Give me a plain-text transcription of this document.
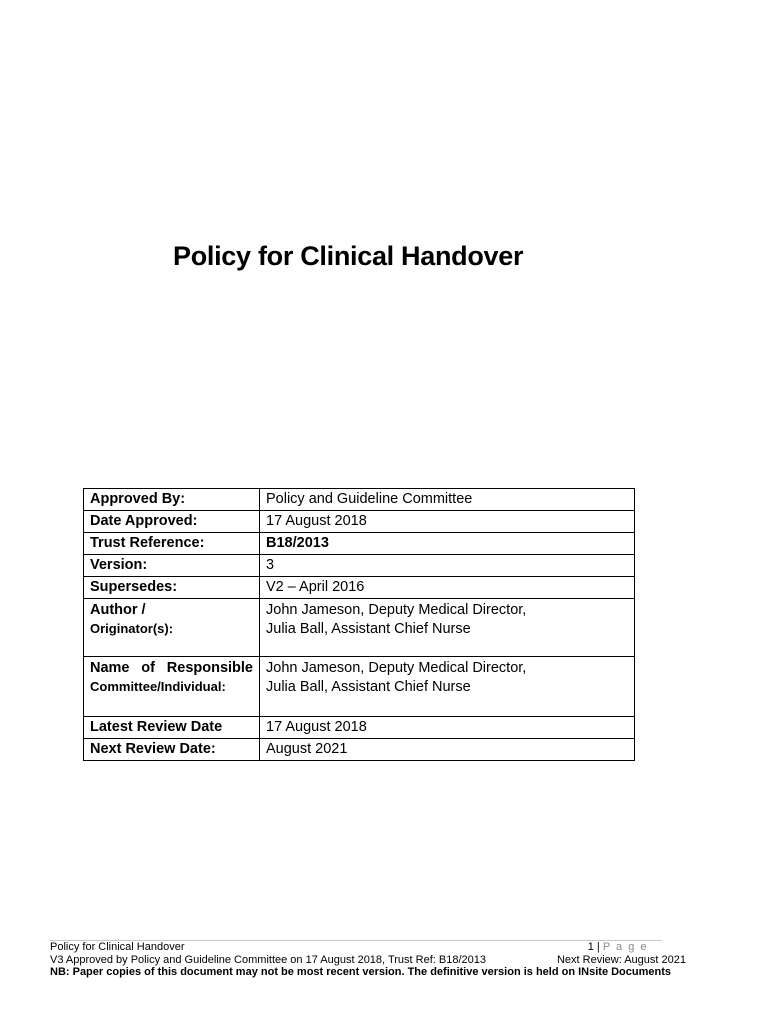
Policy for Clinical Handover
Approved By:	Policy and Guideline Committee
Date Approved:	17 August 2018
Trust Reference:	B18/2013
Version:	3
Supersedes:	V2 – April 2016

Author /
Originator(s):	John Jameson, Deputy Medical Director,
Julia Ball, Assistant Chief Nurse

Name of Responsible
Committee/Individual:	John Jameson, Deputy Medical Director,
Julia Ball, Assistant Chief Nurse

Latest Review Date	17 August 2018
Next Review Date:	August 2021
Policy for Clinical Handover	1 | P a g e
V3 Approved by Policy and Guideline Committee on 17 August 2018, Trust Ref: B18/2013	Next Review: August 2021
NB: Paper copies of this document may not be most recent version. The definitive version is held on INsite Documents
